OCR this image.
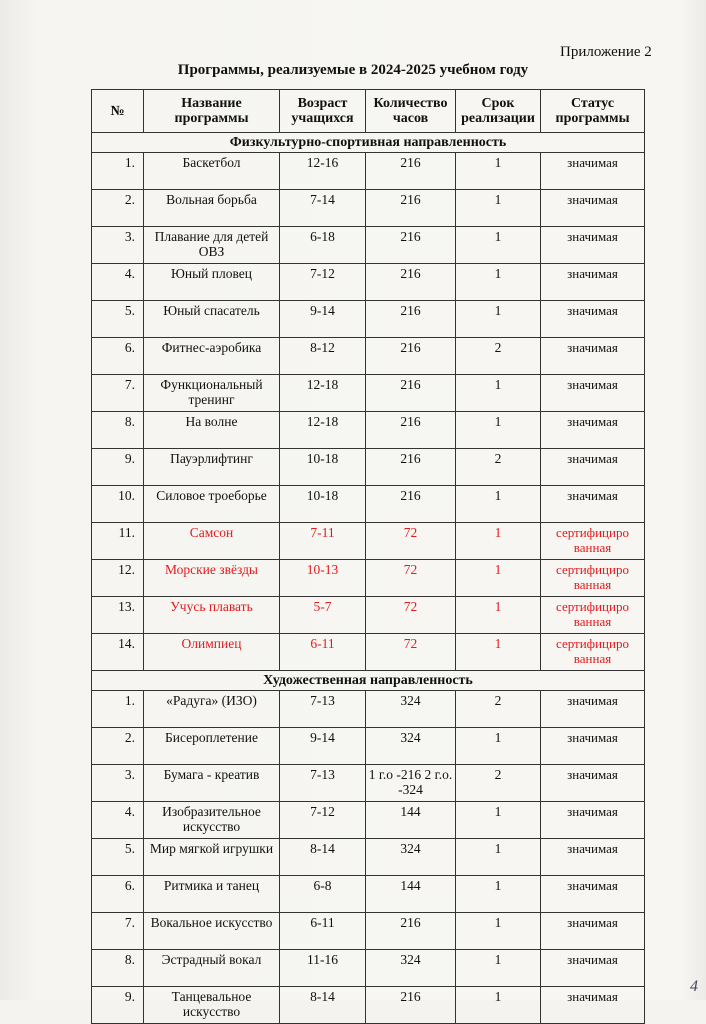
Приложение 2
Программы, реализуемые в 2024-2025 учебном году
№	Название программы	Возраст учащихся	Количество часов	Срок реализации	Статус программы
Физкультурно-спортивная направленность					
1.	Баскетбол	12-16	216	1	значимая
2.	Вольная борьба	7-14	216	1	значимая
3.	Плавание для детей ОВЗ	6-18	216	1	значимая
4.	Юный пловец	7-12	216	1	значимая
5.	Юный спасатель	9-14	216	1	значимая
6.	Фитнес-аэробика	8-12	216	2	значимая
7.	Функциональный тренинг	12-18	216	1	значимая
8.	На волне	12-18	216	1	значимая
9.	Пауэрлифтинг	10-18	216	2	значимая
10.	Силовое троеборье	10-18	216	1	значимая
11.	Самсон	7-11	72	1	сертифициро ванная
12.	Морские звёзды	10-13	72	1	сертифициро ванная
13.	Учусь плавать	5-7	72	1	сертифициро ванная
14.	Олимпиец	6-11	72	1	сертифициро ванная
Художественная направленность					
1.	«Радуга» (ИЗО)	7-13	324	2	значимая
2.	Бисероплетение	9-14	324	1	значимая
3.	Бумага - креатив	7-13	1 г.о -216 2 г.о. -324	2	значимая
4.	Изобразительное искусство	7-12	144	1	значимая
5.	Мир мягкой игрушки	8-14	324	1	значимая
6.	Ритмика и танец	6-8	144	1	значимая
7.	Вокальное искусство	6-11	216	1	значимая
8.	Эстрадный вокал	11-16	324	1	значимая
9.	Танцевальное искусство	8-14	216	1	значимая
4
